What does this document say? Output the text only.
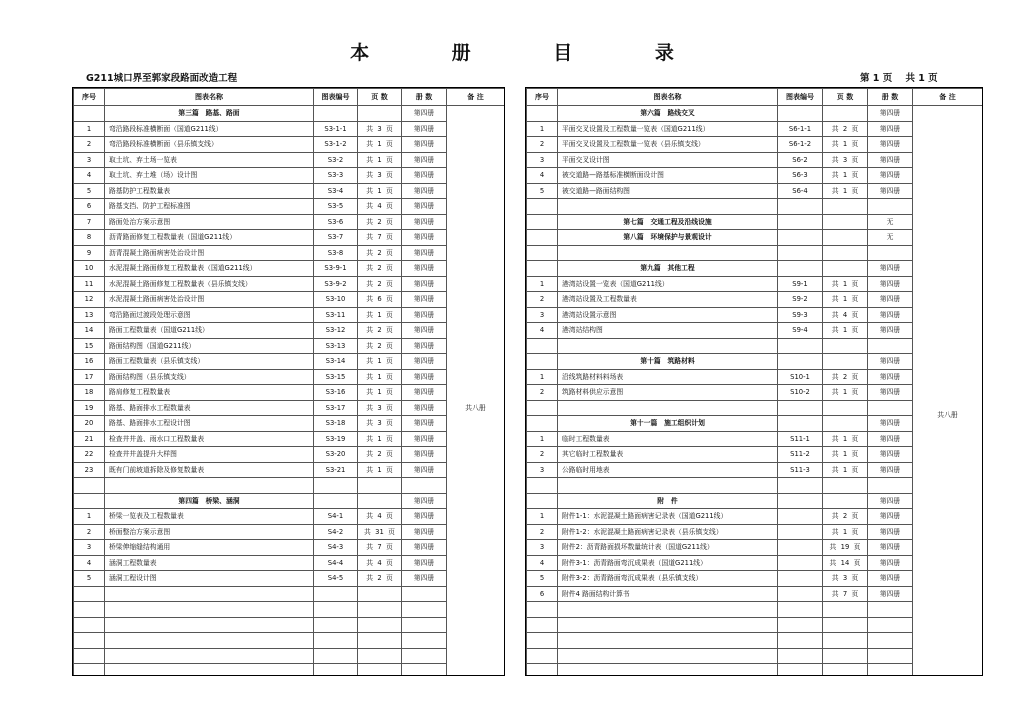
本 册 目 录
G211城口界至郭家段路面改造工程	第 1 页    共 1 页
序号	图表名称	图表编号	页 数	册 数	备 注
	第三篇　路基、路面			第四册	共八册
1	弯沿路段标准横断面（国道G211线）	S3-1-1	共  3  页	第四册	
2	弯沿路段标准横断面（县乐镇支线）	S3-1-2	共  1  页	第四册	
3	取土坑、弃土场一览表	S3-2	共  1  页	第四册	
4	取土坑、弃土堆（场）设计图	S3-3	共  3  页	第四册	
5	路基防护工程数量表	S3-4	共  1  页	第四册	
6	路基支挡、防护工程标准图	S3-5	共  4  页	第四册	
7	路面处治方案示意图	S3-6	共  2  页	第四册	
8	沥青路面修复工程数量表（国道G211线）	S3-7	共  7  页	第四册	
9	沥青混凝土路面病害处治设计图	S3-8	共  2  页	第四册	
10	水泥混凝土路面修复工程数量表（国道G211线）	S3-9-1	共  2  页	第四册	
11	水泥混凝土路面修复工程数量表（县乐镇支线）	S3-9-2	共  2  页	第四册	
12	水泥混凝土路面病害处治设计图	S3-10	共  6  页	第四册	
13	弯沿路面过渡段处理示意图	S3-11	共  1  页	第四册	
14	路面工程数量表（国道G211线）	S3-12	共  2  页	第四册	
15	路面结构图（国道G211线）	S3-13	共  2  页	第四册	
16	路面工程数量表（县乐镇支线）	S3-14	共  1  页	第四册	
17	路面结构图（县乐镇支线）	S3-15	共  1  页	第四册	
18	路肩修复工程数量表	S3-16	共  1  页	第四册	
19	路基、路面排水工程数量表	S3-17	共  3  页	第四册	
20	路基、路面排水工程设计图	S3-18	共  3  页	第四册	
21	检查井井盖、雨水口工程数量表	S3-19	共  1  页	第四册	
22	检查井井盖提升大样图	S3-20	共  2  页	第四册	
23	既有门前坡道拆除及修复数量表	S3-21	共  1  页	第四册	

	第四篇　桥梁、涵洞			第四册	
1	桥梁一览表及工程数量表	S4-1	共  4  页	第四册	
2	桥面整治方案示意图	S4-2	共  31  页	第四册	
3	桥梁伸缩缝结构通用	S4-3	共  7  页	第四册	
4	涵洞工程数量表	S4-4	共  4  页	第四册	
5	涵洞工程设计图	S4-5	共  2  页	第四册	

序号	图表名称	图表编号	页 数	册 数	备 注
	第六篇　路线交叉			第四册	共八册
1	平面交叉设置及工程数量一览表（国道G211线）	S6-1-1	共  2  页	第四册	
2	平面交叉设置及工程数量一览表（县乐镇支线）	S6-1-2	共  1  页	第四册	
3	平面交叉设计图	S6-2	共  3  页	第四册	
4	被交道路—路基标准横断面设计图	S6-3	共  1  页	第四册	
5	被交道路—路面结构图	S6-4	共  1  页	第四册	

	第七篇　交通工程及沿线设施			无	
	第八篇　环境保护与景观设计			无	

	第九篇　其他工程			第四册	
1	港湾站设置一览表（国道G211线）	S9-1	共  1  页	第四册	
2	港湾站设置及工程数量表	S9-2	共  1  页	第四册	
3	港湾站设置示意图	S9-3	共  4  页	第四册	
4	港湾站结构图	S9-4	共  1  页	第四册	

	第十篇　筑路材料			第四册	
1	沿线筑路材料料场表	S10-1	共  2  页	第四册	
2	筑路材料供应示意图	S10-2	共  1  页	第四册	

	第十一篇　施工组织计划			第四册	
1	临时工程数量表	S11-1	共  1  页	第四册	
2	其它临时工程数量表	S11-2	共  1  页	第四册	
3	公路临时用地表	S11-3	共  1  页	第四册	

	附　件			第四册	
1	附件1-1：水泥混凝土路面病害记录表（国道G211线）		共  2  页	第四册	
2	附件1-2：水泥混凝土路面病害记录表（县乐镇支线）		共  1  页	第四册	
3	附件2：沥青路面损坏数量统计表（国道G211线）		共  19  页	第四册	
4	附件3-1：沥青路面弯沉成果表（国道G211线）		共  14  页	第四册	
5	附件3-2：沥青路面弯沉成果表（县乐镇支线）		共  3  页	第四册	
6	附件4 路面结构计算书		共  7  页	第四册	
